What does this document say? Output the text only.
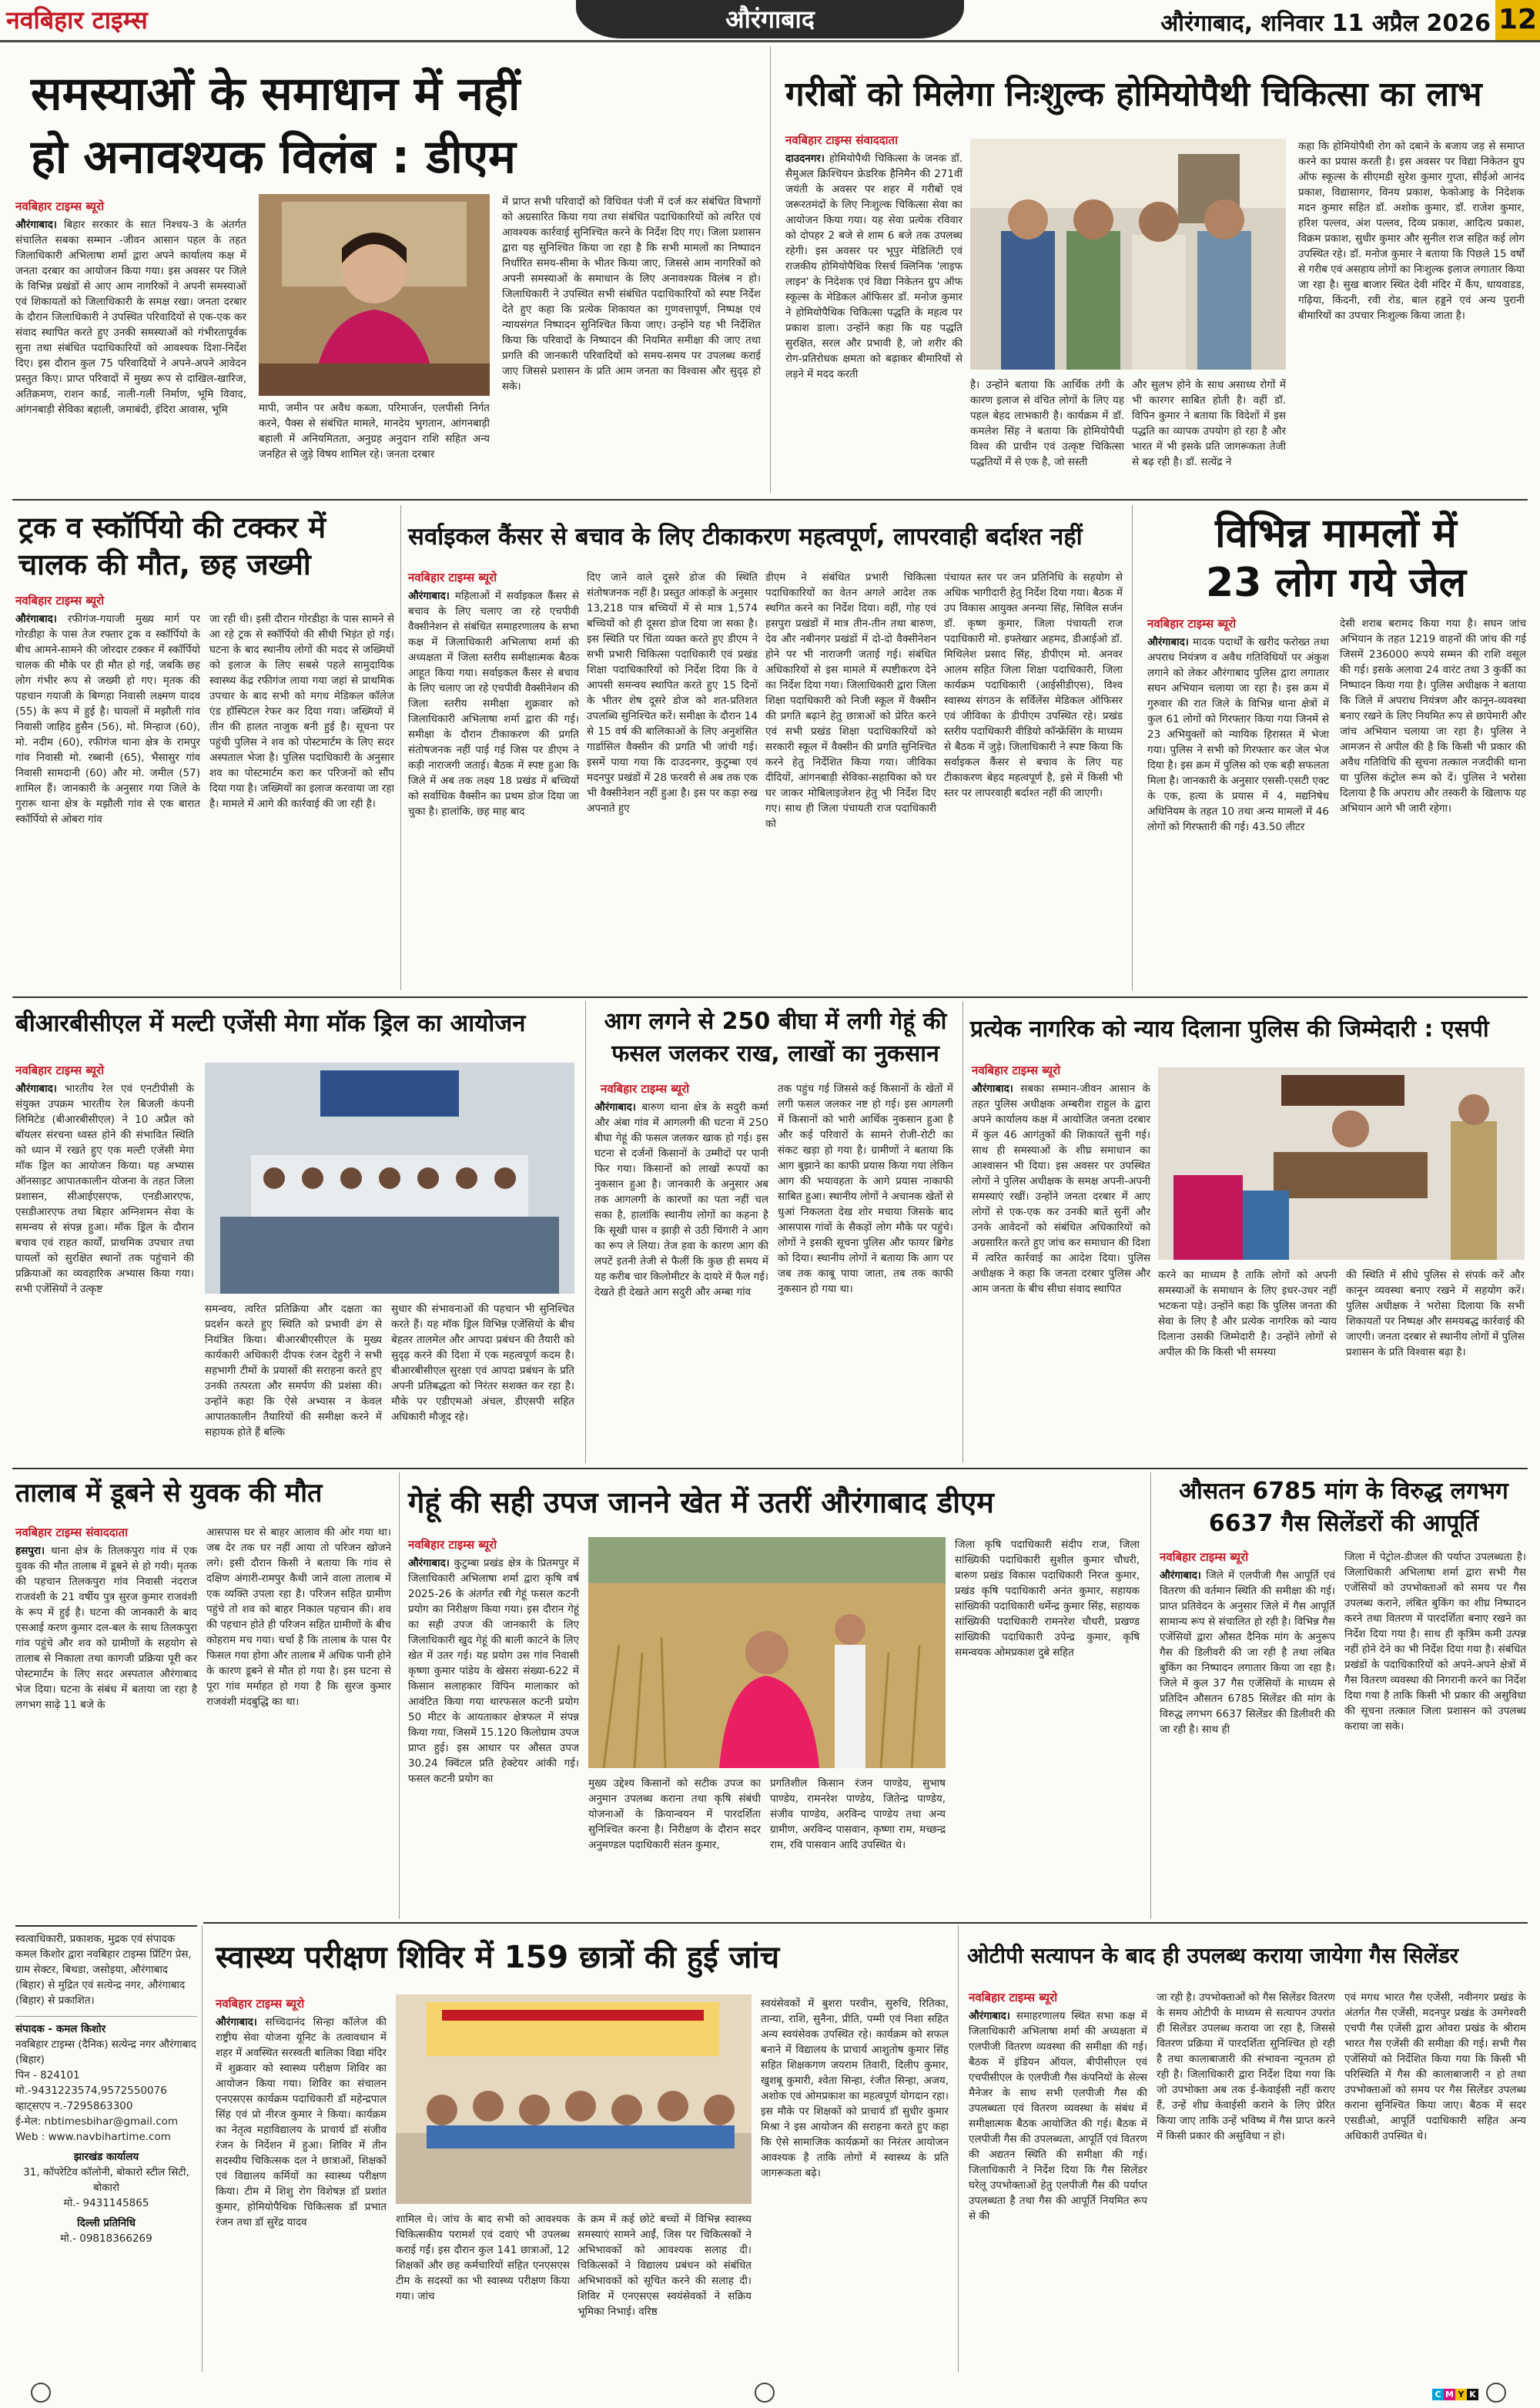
नवबिहार टाइम्स	औरंगाबाद	औरंगाबाद, शनिवार 11 अप्रैल 2026 12
समस्याओं के समाधान में नहीं
हो अनावश्यक विलंब : डीएम
नवबिहार टाइम्स ब्यूरो
औरंगाबाद। बिहार सरकार के सात निश्चय-3 के अंतर्गत संचालित सबका सम्मान -जीवन आसान पहल के तहत जिलाधिकारी अभिलाषा शर्मा द्वारा अपने कार्यालय कक्ष में जनता दरबार का आयोजन किया गया। इस अवसर पर जिले के विभिन्न प्रखंडों से आए आम नागरिकों ने अपनी समस्याओं एवं शिकायतों को जिलाधिकारी के समक्ष रखा। जनता दरबार के दौरान जिलाधिकारी ने उपस्थित परिवादियों से एक-एक कर संवाद स्थापित करते हुए उनकी समस्याओं को गंभीरतापूर्वक सुना तथा संबंधित पदाधिकारियों को आवश्यक दिशा-निर्देश दिए। इस दौरान कुल 75 परिवादियों ने अपने-अपने आवेदन प्रस्तुत किए। प्राप्त परिवादों में मुख्य रूप से दाखिल-खारिज, अतिक्रमण, राशन कार्ड, नाली-गली निर्माण, भूमि विवाद, आंगनबाड़ी सेविका बहाली, जमाबंदी, इंदिरा आवास, भूमि	मापी, जमीन पर अवैध कब्जा, परिमार्जन, एलपीसी निर्गत करने, पैक्स से संबंधित मामले, मानदेय भुगतान, आंगनबाड़ी बहाली में अनियमितता, अनुग्रह अनुदान राशि सहित अन्य जनहित से जुड़े विषय शामिल रहे। जनता दरबार
में प्राप्त सभी परिवादों को विधिवत पंजी में दर्ज कर संबंधित विभागों को अग्रसारित किया गया तथा संबंधित पदाधिकारियों को त्वरित एवं आवश्यक कार्रवाई सुनिश्चित करने के निर्देश दिए गए। जिला प्रशासन द्वारा यह सुनिश्चित किया जा रहा है कि सभी मामलों का निष्पादन निर्धारित समय-सीमा के भीतर किया जाए, जिससे आम नागरिकों को अपनी समस्याओं के समाधान के लिए अनावश्यक विलंब न हो। जिलाधिकारी ने उपस्थित सभी संबंधित पदाधिकारियों को स्पष्ट निर्देश देते हुए कहा कि प्रत्येक शिकायत का गुणवत्तापूर्ण, निष्पक्ष एवं न्यायसंगत निष्पादन सुनिश्चित किया जाए। उन्होंने यह भी निर्देशित किया कि परिवादों के निष्पादन की नियमित समीक्षा की जाए तथा प्रगति की जानकारी परिवादियों को समय-समय पर उपलब्ध कराई जाए जिससे प्रशासन के प्रति आम जनता का विश्वास और सुदृढ़ हो सके।
गरीबों को मिलेगा निःशुल्क होमियोपैथी चिकित्सा का लाभ
नवबिहार टाइम्स संवाददाता
दाउदनगर। होमियोपैथी चिकित्सा के जनक डॉ. सैमुअल क्रिश्चियन फ्रेडरिक हैनिमैन की 271वीं जयंती के अवसर पर शहर में गरीबों एवं जरूरतमंदों के लिए निःशुल्क चिकित्सा सेवा का आयोजन किया गया। यह सेवा प्रत्येक रविवार को दोपहर 2 बजे से शाम 6 बजे तक उपलब्ध रहेगी। इस अवसर पर भूपुर मेडिलिटी एवं राजकीय होमियोपैथिक रिसर्च क्लिनिक 'लाइफ लाइन' के निदेशक एवं विद्या निकेतन ग्रुप ऑफ स्कूल्स के मेडिकल ऑफिसर डॉ. मनोज कुमार ने होमियोपैथिक चिकित्सा पद्धति के महत्व पर प्रकाश डाला। उन्होंने कहा कि यह पद्धति सुरक्षित, सरल और प्रभावी है, जो शरीर की रोग-प्रतिरोधक क्षमता को बढ़ाकर बीमारियों से लड़ने में मदद करती
है। उन्होंने बताया कि आर्थिक तंगी के कारण इलाज से वंचित लोगों के लिए यह पहल बेहद लाभकारी है। कार्यक्रम में डॉ. कमलेश सिंह ने बताया कि होमियोपैथी विश्व की प्राचीन एवं उत्कृष्ट चिकित्सा पद्धतियों में से एक है, जो सस्ती
और सुलभ होने के साथ असाध्य रोगों में भी कारगर साबित होती है। वहीं डॉ. विपिन कुमार ने बताया कि विदेशों में इस पद्धति का व्यापक उपयोग हो रहा है और भारत में भी इसके प्रति जागरूकता तेजी से बढ़ रही है। डॉ. सत्येंद्र ने
कहा कि होमियोपैथी रोग को दबाने के बजाय जड़ से समाप्त करने का प्रयास करती है। इस अवसर पर विद्या निकेतन ग्रुप ऑफ स्कूल्स के सीएमडी सुरेश कुमार गुप्ता, सीईओ आनंद प्रकाश, विद्यासागर, विनय प्रकाश, फेकोआइ के निदेशक मदन कुमार सहित डॉ. अशोक कुमार, डॉ. राजेश कुमार, हरिश पल्लव, अंश पल्लव, दिव्य प्रकाश, आदित्य प्रकाश, विक्रम प्रकाश, सुधीर कुमार और सुनील राज सहित कई लोग उपस्थित रहे। डॉ. मनोज कुमार ने बताया कि पिछले 15 वर्षों से गरीब एवं असहाय लोगों का निःशुल्क इलाज लगातार किया जा रहा है। सुख बाजार स्थित देवी मंदिर में कैंप, धायवाडड, गढ़िया, किंदनी, रवी रोड, बाल हड्डने एवं अन्य पुरानी बीमारियों का उपचार निःशुल्क किया जाता है।
ट्रक व स्कॉर्पियो की टक्कर में
चालक की मौत, छह जख्मी
नवबिहार टाइम्स ब्यूरो
औरंगाबाद। रफीगंज-गयाजी मुख्य मार्ग पर गोरडीहा के पास तेज रफ्तार ट्रक व स्कॉर्पियो के बीच आमने-सामने की जोरदार टक्कर में स्कॉर्पियो चालक की मौके पर ही मौत हो गई, जबकि छह लोग गंभीर रूप से जख्मी हो गए। मृतक की पहचान गयाजी के बिग्गहा निवासी लक्ष्मण यादव (55) के रूप में हुई है। घायलों में मझौली गांव निवासी जाहिद हुसैन (56), मो. मिन्हाज (60), मो. नदीम (60), रफीगंज थाना क्षेत्र के रामपुर गांव निवासी मो. रब्बानी (65), भैसासुर गांव निवासी सामदानी (60) और मो. जमील (57) शामिल हैं। जानकारी के अनुसार गया जिले के गुरारू थाना क्षेत्र के मझौली गांव से एक बारात स्कॉर्पियो से ओबरा गांव
जा रही थी। इसी दौरान गोरडीहा के पास सामने से आ रहे ट्रक से स्कॉर्पियो की सीधी भिड़ंत हो गई। घटना के बाद स्थानीय लोगों की मदद से जख्मियों को इलाज के लिए सबसे पहले सामुदायिक स्वास्थ्य केंद्र रफीगंज लाया गया जहां से प्राथमिक उपचार के बाद सभी को मगध मेडिकल कॉलेज एंड हॉस्पिटल रेफर कर दिया गया। जख्मियों में तीन की हालत नाजुक बनी हुई है। सूचना पर पहुंची पुलिस ने शव को पोस्टमार्टम के लिए सदर अस्पताल भेजा है। पुलिस पदाधिकारी के अनुसार शव का पोस्टमार्टम करा कर परिजनों को सौंप दिया गया है। जख्मियों का इलाज करवाया जा रहा है। मामले में आगे की कार्रवाई की जा रही है।
सर्वाइकल कैंसर से बचाव के लिए टीकाकरण महत्वपूर्ण, लापरवाही बर्दाश्त नहीं
नवबिहार टाइम्स ब्यूरो
औरंगाबाद। महिलाओं में सर्वाइकल कैंसर से बचाव के लिए चलाए जा रहे एचपीवी वैक्सीनेशन से संबंधित समाहरणालय के सभा कक्ष में जिलाधिकारी अभिलाषा शर्मा की अध्यक्षता में जिला स्तरीय समीक्षात्मक बैठक आहूत किया गया। सर्वाइकल कैंसर से बचाव के लिए चलाए जा रहे एचपीवी वैक्सीनेशन की जिला स्तरीय समीक्षा शुक्रवार को जिलाधिकारी अभिलाषा शर्मा द्वारा की गई। समीक्षा के दौरान टीकाकरण की प्रगति संतोषजनक नहीं पाई गई जिस पर डीएम ने कड़ी नाराजगी जताई। बैठक में स्पष्ट हुआ कि जिले में अब तक लक्ष्य 18 प्रखंड में बच्चियों को सर्वाधिक वैक्सीन का प्रथम डोज दिया जा चुका है। हालांकि, छह माह बाद
दिए जाने वाले दूसरे डोज की स्थिति संतोषजनक नहीं है। प्रस्तुत आंकड़ों के अनुसार 13,218 पात्र बच्चियों में से मात्र 1,574 बच्चियों को ही दूसरा डोज दिया जा सका है। इस स्थिति पर चिंता व्यक्त करते हुए डीएम ने सभी प्रभारी चिकित्सा पदाधिकारी एवं प्रखंड शिक्षा पदाधिकारियों को निर्देश दिया कि वे आपसी समन्वय स्थापित करते हुए 15 दिनों के भीतर शेष दूसरे डोज को शत-प्रतिशत उपलब्धि सुनिश्चित करें। समीक्षा के दौरान 14 से 15 वर्ष की बालिकाओं के लिए अनुशंसित गार्डासिल वैक्सीन की प्रगति भी जांची गई। इसमें पाया गया कि दाउदनगर, कुटुम्बा एवं मदनपुर प्रखंडों में 28 फरवरी से अब तक एक भी वैक्सीनेशन नहीं हुआ है। इस पर कड़ा रुख अपनाते हुए
डीएम ने संबंधित प्रभारी चिकित्सा पदाधिकारियों का वेतन अगले आदेश तक स्थगित करने का निर्देश दिया। वहीं, गोह एवं हसपुरा प्रखंडों में मात्र तीन-तीन तथा बारुण, देव और नबीनगर प्रखंडों में दो-दो वैक्सीनेशन होने पर भी नाराजगी जताई गई। संबंधित अधिकारियों से इस मामले में स्पष्टीकरण देने का निर्देश दिया गया। जिलाधिकारी द्वारा जिला शिक्षा पदाधिकारी को निजी स्कूल में वैक्सीन की प्रगति बढ़ाने हेतु छात्राओं को प्रेरित करने एवं सभी प्रखंड शिक्षा पदाधिकारियों को सरकारी स्कूल में वैक्सीन की प्रगति सुनिश्चित करने हेतु निर्देशित किया गया। जीविका दीदियों, आंगनबाड़ी सेविका-सहायिका को घर घर जाकर मोबिलाइजेशन हेतु भी निर्देश दिए गए। साथ ही जिला पंचायती राज पदाधिकारी को
पंचायत स्तर पर जन प्रतिनिधि के सहयोग से अधिक भागीदारी हेतु निर्देश दिया गया। बैठक में उप विकास आयुक्त अनन्या सिंह, सिविल सर्जन डॉ. कृष्ण कुमार, जिला पंचायती राज पदाधिकारी मो. इफ्तेखार अहमद, डीआईओ डॉ. मिथिलेश प्रसाद सिंह, डीपीएम मो. अनवर आलम सहित जिला शिक्षा पदाधिकारी, जिला कार्यक्रम पदाधिकारी (आईसीडीएस), विश्व स्वास्थ्य संगठन के सर्विलेंस मेडिकल ऑफिसर एवं जीविका के डीपीएम उपस्थित रहे। प्रखंड स्तरीय पदाधिकारी वीडियो कॉन्फ्रेंसिंग के माध्यम से बैठक में जुड़े। जिलाधिकारी ने स्पष्ट किया कि सर्वाइकल कैंसर से बचाव के लिए यह टीकाकरण बेहद महत्वपूर्ण है, इसे में किसी भी स्तर पर लापरवाही बर्दाश्त नहीं की जाएगी।
विभिन्न मामलों में
23 लोग गये जेल
नवबिहार टाइम्स ब्यूरो
औरंगाबाद। मादक पदार्थों के खरीद फरोख्त तथा अपराध नियंत्रण व अवैध गतिविधियों पर अंकुश लगाने को लेकर औरंगाबाद पुलिस द्वारा लगातार सघन अभियान चलाया जा रहा है। इस क्रम में गुरुवार की रात जिले के विभिन्न थाना क्षेत्रों में कुल 61 लोगों को गिरफ्तार किया गया जिनमें से 23 अभियुक्तों को न्यायिक हिरासत में भेजा गया। पुलिस ने सभी को गिरफ्तार कर जेल भेज दिया है। इस क्रम में पुलिस को एक बड़ी सफलता मिला है। जानकारी के अनुसार एससी-एसटी एक्ट के एक, हत्या के प्रयास में 4, मद्यनिषेध अधिनियम के तहत 10 तथा अन्य मामलों में 46 लोगों को गिरफ्तारी की गई। 43.50 लीटर
देसी शराब बरामद किया गया है। सघन जांच अभियान के तहत 1219 वाहनों की जांच की गई जिसमें 236000 रूपये सम्मन की राशि वसूल की गई। इसके अलावा 24 वारंट तथा 3 कुर्की का निष्पादन किया गया है। पुलिस अधीक्षक ने बताया कि जिले में अपराध नियंत्रण और कानून-व्यवस्था बनाए रखने के लिए नियमित रूप से छापेमारी और जांच अभियान चलाया जा रहा है। पुलिस ने आमजन से अपील की है कि किसी भी प्रकार की अवैध गतिविधि की सूचना तत्काल नजदीकी थाना या पुलिस कंट्रोल रूम को दें। पुलिस ने भरोसा दिलाया है कि अपराध और तस्करी के खिलाफ यह अभियान आगे भी जारी रहेगा।
बीआरबीसीएल में मल्टी एजेंसी मेगा मॉक ड्रिल का आयोजन
नवबिहार टाइम्स ब्यूरो
औरंगाबाद। भारतीय रेल एवं एनटीपीसी के संयुक्त उपक्रम भारतीय रेल बिजली कंपनी लिमिटेड (बीआरबीसीएल) ने 10 अप्रैल को बॉयलर संरचना ध्वस्त होने की संभावित स्थिति को ध्यान में रखते हुए एक मल्टी एजेंसी मेगा मॉक ड्रिल का आयोजन किया। यह अभ्यास ऑनसाइट आपातकालीन योजना के तहत जिला प्रशासन, सीआईएसएफ, एनडीआरएफ, एसडीआरएफ तथा बिहार अग्निशमन सेवा के समन्वय से संपन्न हुआ। मॉक ड्रिल के दौरान बचाव एवं राहत कार्यों, प्राथमिक उपचार तथा घायलों को सुरक्षित स्थानों तक पहुंचाने की प्रक्रियाओं का व्यवहारिक अभ्यास किया गया। सभी एजेंसियों ने उत्कृष्ट
समन्वय, त्वरित प्रतिक्रिया और दक्षता का प्रदर्शन करते हुए स्थिति को प्रभावी ढंग से नियंत्रित किया। बीआरबीएसीएल के मुख्य कार्यकारी अधिकारी दीपक रंजन देहुरी ने सभी सहभागी टीमों के प्रयासों की सराहना करते हुए उनकी तत्परता और समर्पण की प्रशंसा की। उन्होंने कहा कि ऐसे अभ्यास न केवल आपातकालीन तैयारियों की समीक्षा करने में सहायक होते हैं बल्कि
सुधार की संभावनाओं की पहचान भी सुनिश्चित करते हैं। यह मॉक ड्रिल विभिन्न एजेंसियों के बीच बेहतर तालमेल और आपदा प्रबंधन की तैयारी को सुदृढ़ करने की दिशा में एक महत्वपूर्ण कदम है। बीआरबीसीएल सुरक्षा एवं आपदा प्रबंधन के प्रति अपनी प्रतिबद्धता को निरंतर सशक्त कर रहा है। मौके पर एडीएमओ अंचल, डीएसपी सहित अधिकारी मौजूद रहे।
आग लगने से 250 बीघा में लगी गेहूं की
फसल जलकर राख, लाखों का नुकसान
नवबिहार टाइम्स ब्यूरो
औरंगाबाद। बारुण थाना क्षेत्र के सदुरी कर्मा और अंबा गांव में आगलगी की घटना में 250 बीघा गेहूं की फसल जलकर खाक हो गई। इस घटना से दर्जनों किसानों के उम्मीदों पर पानी फिर गया। किसानों को लाखों रूपयों का नुकसान हुआ है। जानकारी के अनुसार अब तक आगलगी के कारणों का पता नहीं चल सका है, हालांकि स्थानीय लोगों का कहना है कि सूखी घास व झाड़ी से उठी चिंगारी ने आग का रूप ले लिया। तेज हवा के कारण आग की लपटें इतनी तेजी से फैलीं कि कुछ ही समय में यह करीब चार किलोमीटर के दायरे में फैल गई। देखते ही देखते आग सदुरी और अम्बा गांव
तक पहुंच गई जिससे कई किसानों के खेतों में लगी फसल जलकर नष्ट हो गई। इस आगलगी में किसानों को भारी आर्थिक नुकसान हुआ है और कई परिवारों के सामने रोजी-रोटी का संकट खड़ा हो गया है। ग्रामीणों ने बताया कि आग बुझाने का काफी प्रयास किया गया लेकिन आग की भयावहता के आगे प्रयास नाकाफी साबित हुआ। स्थानीय लोगों ने अचानक खेतों से धुआं निकलता देख शोर मचाया जिसके बाद आसपास गांवों के सैकड़ों लोग मौके पर पहुंचे। लोगों ने इसकी सूचना पुलिस और फायर ब्रिगेड को दिया। स्थानीय लोगों ने बताया कि आग पर जब तक काबू पाया जाता, तब तक काफी नुकसान हो गया था।
प्रत्येक नागरिक को न्याय दिलाना पुलिस की जिम्मेदारी : एसपी
नवबिहार टाइम्स ब्यूरो
औरंगाबाद। सबका सम्मान-जीवन आसान के तहत पुलिस अधीक्षक अम्बरीश राहुल के द्वारा अपने कार्यालय कक्ष में आयोजित जनता दरबार में कुल 46 आगंतुकों की शिकायतें सुनी गई। साथ ही समस्याओं के शीघ्र समाधान का आश्वासन भी दिया। इस अवसर पर उपस्थित लोगों ने पुलिस अधीक्षक के समक्ष अपनी-अपनी समस्याएं रखीं। उन्होंने जनता दरबार में आए लोगों से एक-एक कर उनकी बातें सुनीं और उनके आवेदनों को संबंधित अधिकारियों को अग्रसारित करते हुए जांच कर समाधान की दिशा में त्वरित कार्रवाई का आदेश दिया। पुलिस अधीक्षक ने कहा कि जनता दरबार पुलिस और आम जनता के बीच सीधा संवाद स्थापित
करने का माध्यम है ताकि लोगों को अपनी समस्याओं के समाधान के लिए इधर-उधर नहीं भटकना पड़े। उन्होंने कहा कि पुलिस जनता की सेवा के लिए है और प्रत्येक नागरिक को न्याय दिलाना उसकी जिम्मेदारी है। उन्होंने लोगों से अपील की कि किसी भी समस्या
की स्थिति में सीधे पुलिस से संपर्क करें और कानून व्यवस्था बनाए रखने में सहयोग करें। पुलिस अधीक्षक ने भरोसा दिलाया कि सभी शिकायतों पर निष्पक्ष और समयबद्ध कार्रवाई की जाएगी। जनता दरबार से स्थानीय लोगों में पुलिस प्रशासन के प्रति विश्वास बढ़ा है।
तालाब में डूबने से युवक की मौत
नवबिहार टाइम्स संवाददाता
हसपुरा। थाना क्षेत्र के तिलकपुरा गांव में एक युवक की मौत तालाब में डूबने से हो गयी। मृतक की पहचान तिलकपुरा गांव निवासी नंदराज राजवंशी के 21 वर्षीय पुत्र सुरज कुमार राजवंशी के रूप में हुई है। घटना की जानकारी के बाद एसआई करण कुमार दल-बल के साथ तिलकपुरा गांव पहुंचे और शव को ग्रामीणों के सहयोग से तालाब से निकाला तथा कागजी प्रक्रिया पूरी कर पोस्टमार्टम के लिए सदर अस्पताल औरंगाबाद भेज दिया। घटना के संबंध में बताया जा रहा है लगभग साढ़े 11 बजे के
आसपास घर से बाहर आलाव की ओर गया था। जब देर तक घर नहीं आया तो परिजन खोजने लगे। इसी दौरान किसी ने बताया कि गांव से दक्षिण अंगारी-रामपुर कैथी जाने वाला तालाब में एक व्यक्ति उपला रहा है। परिजन सहित ग्रामीण पहुंचे तो शव को बाहर निकाल पहचान की। शव की पहचान होते ही परिजन सहित ग्रामीणों के बीच कोहराम मच गया। चर्चा है कि तालाब के पास पैर फिसल गया होगा और तालाब में अधिक पानी होने के कारण डूबने से मौत हो गया है। इस घटना से पूरा गांव मर्माहत हो गया है कि सुरज कुमार राजवंशी मंदबुद्धि का था।
गेहूं की सही उपज जानने खेत में उतरीं औरंगाबाद डीएम
नवबिहार टाइम्स ब्यूरो
औरंगाबाद। कुटुम्बा प्रखंड क्षेत्र के प्रितमपुर में जिलाधिकारी अभिलाषा शर्मा द्वारा कृषि वर्ष 2025-26 के अंतर्गत रबी गेहूं फसल कटनी प्रयोग का निरीक्षण किया गया। इस दौरान गेहूं का सही उपज की जानकारी के लिए जिलाधिकारी खुद गेहूं की बाली काटने के लिए खेत में उतर गई। यह प्रयोग उस गांव निवासी कृष्णा कुमार पांडेय के खेसरा संख्या-622 में किसान सलाहकार विपिन मालाकार को आवंटित किया गया थारफसल कटनी प्रयोग 50 मीटर के आयताकार क्षेत्रफल में संपन्न किया गया, जिसमें 15.120 किलोग्राम उपज प्राप्त हुई। इस आधार पर औसत उपज 30.24 क्विंटल प्रति हेक्टेयर आंकी गई। फसल कटनी प्रयोग का	मुख्य उद्देश्य किसानों को सटीक उपज का अनुमान उपलब्ध कराना तथा कृषि संबंधी योजनाओं के क्रियान्वयन में पारदर्शिता सुनिश्चित करना है। निरीक्षण के दौरान सदर अनुमण्डल पदाधिकारी संतन कुमार,
प्रगतिशील किसान रंजन पाण्डेय, सुभाष पाण्डेय, रामनरेश पाण्डेय, जितेन्द्र पाण्डेय, संजीव पाण्डेय, अरविन्द पाण्डेय तथा अन्य ग्रामीण, अरविन्द पासवान, कृष्णा राम, मच्छन्द्र राम, रवि पासवान आदि उपस्थित थे।
जिला कृषि पदाधिकारी संदीप राज, जिला सांख्यिकी पदाधिकारी सुशील कुमार चौधरी, बारुण प्रखंड विकास पदाधिकारी निरज कुमार, प्रखंड कृषि पदाधिकारी अनंत कुमार, सहायक सांख्यिकी पदाधिकारी धर्मेन्द्र कुमार सिंह, सहायक सांख्यिकी पदाधिकारी रामनरेश चौधरी, प्रखण्ड सांख्यिकी पदाधिकारी उपेन्द्र कुमार, कृषि समन्वयक ओमप्रकाश दुबे सहित
औसतन 6785 मांग के विरुद्ध लगभग
6637 गैस सिलेंडरों की आपूर्ति
नवबिहार टाइम्स ब्यूरो
औरंगाबाद। जिले में एलपीजी गैस आपूर्ति एवं वितरण की वर्तमान स्थिति की समीक्षा की गई। प्राप्त प्रतिवेदन के अनुसार जिले में गैस आपूर्ति सामान्य रूप से संचालित हो रही है। विभिन्न गैस एजेंसियों द्वारा औसत दैनिक मांग के अनुरूप गैस की डिलीवरी की जा रही है तथा लंबित बुकिंग का निष्पादन लगातार किया जा रहा है। जिले में कुल 37 गैस एजेंसियों के माध्यम से प्रतिदिन औसतन 6785 सिलेंडर की मांग के विरुद्ध लगभग 6637 सिलेंडर की डिलीवरी की जा रही है। साथ ही
जिला में पेट्रोल-डीजल की पर्याप्त उपलब्धता है। जिलाधिकारी अभिलाषा शर्मा द्वारा सभी गैस एजेंसियों को उपभोक्ताओं को समय पर गैस उपलब्ध कराने, लंबित बुकिंग का शीघ्र निष्पादन करने तथा वितरण में पारदर्शिता बनाए रखने का निर्देश दिया गया है। साथ ही कृत्रिम कमी उत्पन्न नहीं होने देने का भी निर्देश दिया गया है। संबंधित प्रखंडों के पदाधिकारियों को अपने-अपने क्षेत्रों में गैस वितरण व्यवस्था की निगरानी करने का निर्देश दिया गया है ताकि किसी भी प्रकार की असुविधा की सूचना तत्काल जिला प्रशासन को उपलब्ध कराया जा सके।
स्वत्वाधिकारी, प्रकाशक, मुद्रक एवं संपादक कमल किशोर द्वारा नवबिहार टाइम्स प्रिंटिंग प्रेस, ग्राम सेक्टर, बिथडा, जसोइया, औरंगाबाद (बिहार) से मुद्रित एवं सत्येन्द्र नगर, औरंगाबाद (बिहार) से प्रकाशित।
संपादक - कमल किशोर
नवबिहार टाइम्स (दैनिक) सत्येन्द्र नगर औरंगाबाद (बिहार)
पिन - 824101
मो.-9431223574,9572550076
व्हाट्सएप न.-7295863300
ई-मेल: nbtimesbihar@gmail.com
Web : www.navbihartime.com
झारखंड कार्यालय
31, कॉपरेटिव कॉलोनी, बोकारो स्टील सिटी, बोकारो
मो.- 9431145865
दिल्ली प्रतिनिधि
मो.- 09818366269
स्वास्थ्य परीक्षण शिविर में 159 छात्रों की हुई जांच
नवबिहार टाइम्स ब्यूरो
औरंगाबाद। सच्चिदानंद सिन्हा कॉलेज की राष्ट्रीय सेवा योजना यूनिट के तत्वावधान में शहर में अवस्थित सरस्वती बालिका विद्या मंदिर में शुक्रवार को स्वास्थ्य परीक्षण शिविर का आयोजन किया गया। शिविर का संचालन एनएसएस कार्यक्रम पदाधिकारी डॉ महेन्द्रपाल सिंह एवं प्रो नीरज कुमार ने किया। कार्यक्रम का नेतृत्व महाविद्यालय के प्राचार्य डॉ संजीव रंजन के निर्देशन में हुआ। शिविर में तीन सदस्यीय चिकित्सक दल ने छात्राओं, शिक्षकों एवं विद्यालय कर्मियों का स्वास्थ्य परीक्षण किया। टीम में शिशु रोग विशेषज्ञ डॉ प्रशांत कुमार, होमियोपैथिक चिकित्सक डॉ प्रभात रंजन तथा डॉ सुरेंद्र यादव	शामिल थे। जांच के बाद सभी को आवश्यक चिकित्सकीय परामर्श एवं दवाएं भी उपलब्ध कराई गईं। इस दौरान कुल 141 छात्राओं, 12 शिक्षकों और छह कर्मचारियों सहित एनएसएस टीम के सदस्यों का भी स्वास्थ्य परीक्षण किया गया। जांच
के क्रम में कई छोटे बच्चों में विभिन्न स्वास्थ्य समस्याएं सामने आईं, जिस पर चिकित्सकों ने अभिभावकों को आवश्यक सलाह दी। चिकित्सकों ने विद्यालय प्रबंधन को संबंधित अभिभावकों को सूचित करने की सलाह दी। शिविर में एनएसएस स्वयंसेवकों ने सक्रिय भूमिका निभाई। वरिष्ठ
स्वयंसेवकों में बुशरा परवीन, सुरुचि, रितिका, तान्या, राशि, सुनैना, प्रीति, पम्मी एवं निशा सहित अन्य स्वयंसेवक उपस्थित रहे। कार्यक्रम को सफल बनाने में विद्यालय के प्राचार्य आशुतोष कुमार सिंह सहित शिक्षकगण जयराम तिवारी, दिलीप कुमार, खुशबू कुमारी, श्वेता सिन्हा, रंजीत सिन्हा, अजय, अशोक एवं ओमप्रकाश का महत्वपूर्ण योगदान रहा। इस मौके पर शिक्षकों को प्राचार्य डॉ सुधीर कुमार मिश्रा ने इस आयोजन की सराहना करते हुए कहा कि ऐसे सामाजिक कार्यक्रमों का निरंतर आयोजन आवश्यक है ताकि लोगों में स्वास्थ्य के प्रति जागरूकता बढ़े।
ओटीपी सत्यापन के बाद ही उपलब्ध कराया जायेगा गैस सिलेंडर
नवबिहार टाइम्स ब्यूरो
औरंगाबाद। समाहरणालय स्थित सभा कक्ष में जिलाधिकारी अभिलाषा शर्मा की अध्यक्षता में एलपीजी वितरण व्यवस्था की समीक्षा की गई। बैठक में इंडियन ऑयल, बीपीसीएल एवं एचपीसीएल के एलपीजी गैस कंपनियों के सेल्स मैनेजर के साथ सभी एलपीजी गैस की उपलब्धता एवं वितरण व्यवस्था के संबंध में समीक्षात्मक बैठक आयोजित की गई। बैठक में एलपीजी गैस की उपलब्धता, आपूर्ति एवं वितरण की अद्यतन स्थिति की समीक्षा की गई। जिलाधिकारी ने निर्देश दिया कि गैस सिलेंडर घरेलू उपभोक्ताओं हेतु एलपीजी गैस की पर्याप्त उपलब्धता है तथा गैस की आपूर्ति नियमित रूप से की
जा रही है। उपभोक्ताओं को गैस सिलेंडर वितरण के समय ओटीपी के माध्यम से सत्यापन उपरांत ही सिलेंडर उपलब्ध कराया जा रहा है, जिससे वितरण प्रक्रिया में पारदर्शिता सुनिश्चित हो रही है तथा कालाबाजारी की संभावना न्यूनतम हो रही है। जिलाधिकारी द्वारा निर्देश दिया गया कि जो उपभोक्ता अब तक ई-केवाईसी नहीं कराए हैं, उन्हें शीघ्र केवाईसी कराने के लिए प्रेरित किया जाए ताकि उन्हें भविष्य में गैस प्राप्त करने में किसी प्रकार की असुविधा न हो।
एवं मगध भारत गैस एजेंसी, नवीनगर प्रखंड के अंतर्गत गैस एजेंसी, मदनपुर प्रखंड के उमगेश्वरी एचपी गैस एजेंसी द्वारा ओवरा प्रखंड के श्रीराम भारत गैस एजेंसी की समीक्षा की गई। सभी गैस एजेंसियों को निर्देशित किया गया कि किसी भी परिस्थिति में गैस की कालाबाजारी न हो तथा उपभोक्ताओं को समय पर गैस सिलेंडर उपलब्ध कराना सुनिश्चित किया जाए। बैठक में सदर एसडीओ, आपूर्ति पदाधिकारी सहित अन्य अधिकारी उपस्थित थे।
C M Y K
